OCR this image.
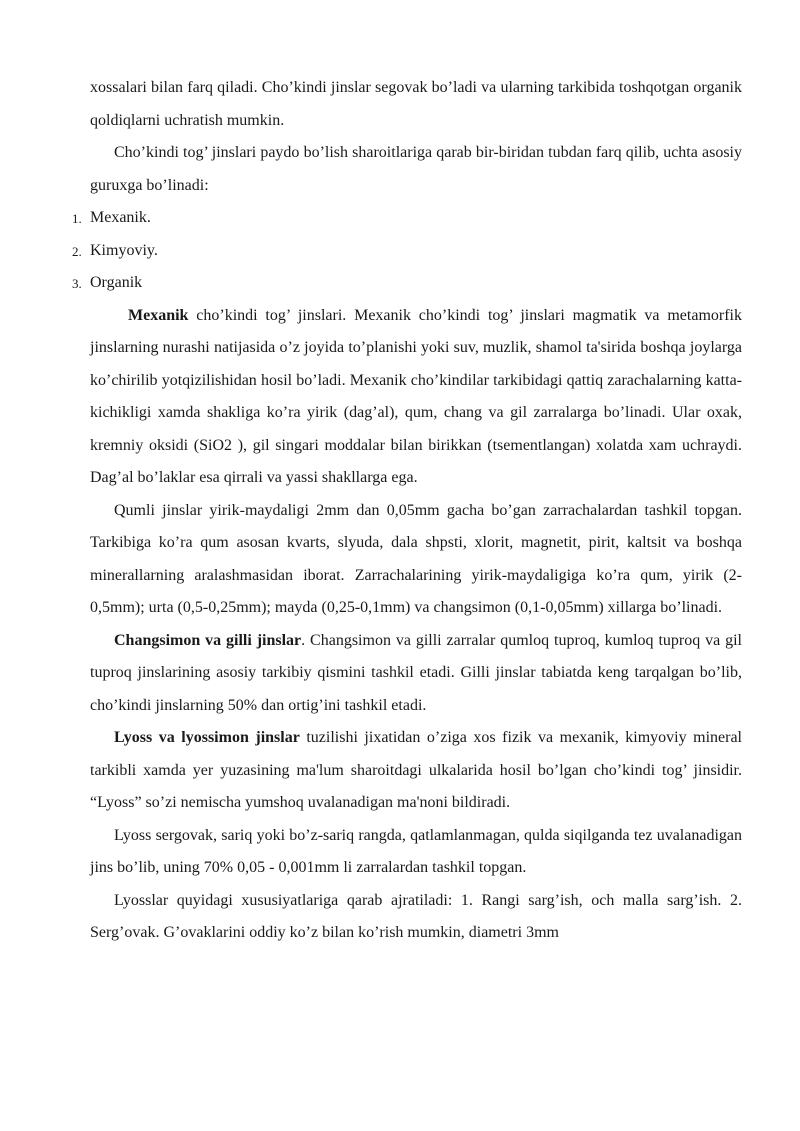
xossalari bilan farq qiladi. Cho’kindi jinslar segovak bo’ladi va ularning tarkibida toshqotgan organik qoldiqlarni uchratish mumkin.

Cho’kindi tog’ jinslari paydo bo’lish sharoitlariga qarab bir-biridan tubdan farq qilib, uchta asosiy guruxga bo’linadi:

1. Mexanik.
2. Kimyoviy.
3. Organik

Mexanik cho’kindi tog’ jinslari. Mexanik cho’kindi tog’ jinslari magmatik va metamorfik jinslarning nurashi natijasida o’z joyida to’planishi yoki suv, muzlik, shamol ta'sirida boshqa joylarga ko’chirilib yotqizilishidan hosil bo’ladi. Mexanik cho’kindilar tarkibidagi qattiq zarachalarning katta-kichikligi xamda shakliga ko’ra yirik (dag’al), qum, chang va gil zarralarga bo’linadi. Ular oxak, kremniy oksidi (SiO2 ), gil singari moddalar bilan birikkan (tsementlangan) xolatda xam uchraydi. Dag’al bo’laklar esa qirrali va yassi shakllarga ega.

Qumli jinslar yirik-maydaligi 2mm dan 0,05mm gacha bo’gan zarrachalardan tashkil topgan. Tarkibiga ko’ra qum asosan kvarts, slyuda, dala shpsti, xlorit, magnetit, pirit, kaltsit va boshqa minerallarning aralashmasidan iborat. Zarrachalarining yirik-maydaligiga ko’ra qum, yirik (2-0,5mm); urta (0,5-0,25mm); mayda (0,25-0,1mm) va changsimon (0,1-0,05mm) xillarga bo’linadi.

Changsimon va gilli jinslar. Changsimon va gilli zarralar qumloq tuproq, kumloq tuproq va gil tuproq jinslarining asosiy tarkibiy qismini tashkil etadi. Gilli jinslar tabiatda keng tarqalgan bo’lib, cho’kindi jinslarning 50% dan ortig’ini tashkil etadi.

Lyoss va lyossimon jinslar tuzilishi jixatidan o’ziga xos fizik va mexanik, kimyoviy mineral tarkibli xamda yer yuzasining ma'lum sharoitdagi ulkalarida hosil bo’lgan cho’kindi tog’ jinsidir. “Lyoss” so’zi nemischa yumshoq uvalanadigan ma'noni bildiradi.

Lyoss sergovak, sariq yoki bo’z-sariq rangda, qatlamlanmagan, qulda siqilganda tez uvalanadigan jins bo’lib, uning 70% 0,05 - 0,001mm li zarralardan tashkil topgan.

Lyosslar quyidagi xususiyatlariga qarab ajratiladi: 1. Rangi sarg’ish, och malla sarg’ish. 2. Serg’ovak. G’ovaklarini oddiy ko’z bilan ko’rish mumkin, diametri 3mm
